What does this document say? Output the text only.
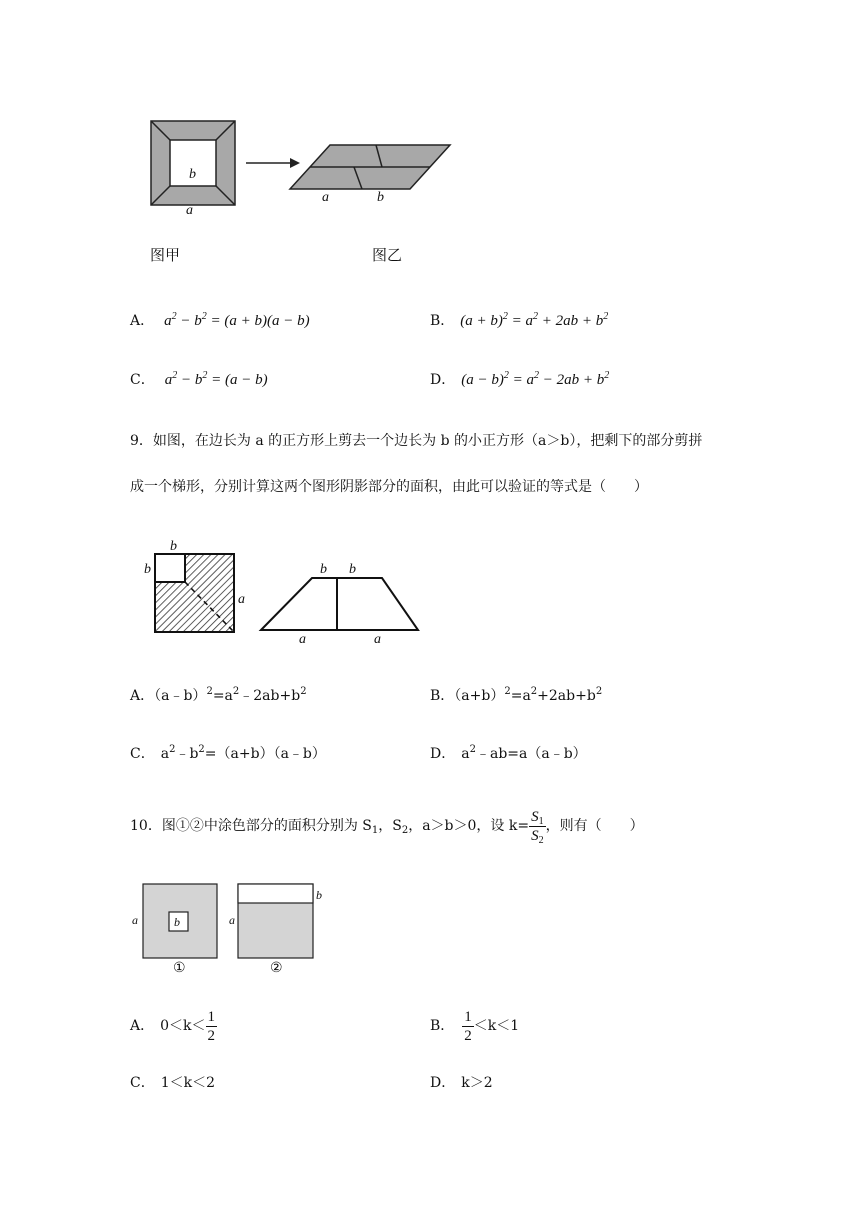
b
a
a	b
图甲	图乙
A． $a^2 - b^2 = (a + b)(a - b)$	B． $(a + b)^2 = a^2 + 2ab + b^2$
C． $a^2 - b^2 = (a - b)$	D． $(a - b)^2 = a^2 - 2ab + b^2$
9．如图，在边长为 a 的正方形上剪去一个边长为 b 的小正方形（a＞b），把剩下的部分剪拼
成一个梯形，分别计算这两个图形阴影部分的面积，由此可以验证的等式是（　　）
b
b
a
b b
a	a
A．$(a﹣b)^2=a^2﹣2ab+b^2$	B．$(a+b)^2=a^2+2ab+b^2$
C． $a^2﹣b^2=(a+b)(a﹣b)$	D． $a^2﹣ab=a(a﹣b)$
10．图①②中涂色部分的面积分别为 $S_1$，$S_2$，a＞b＞0，设 $k= \frac{S_1}{S_2}$ ，则有（　　）
a	b
①
a
b
②
A． $0<k< \frac{1}{2}$	B． $\frac{1}{2} <k<1$
C． 1＜k＜2	D． k＞2
